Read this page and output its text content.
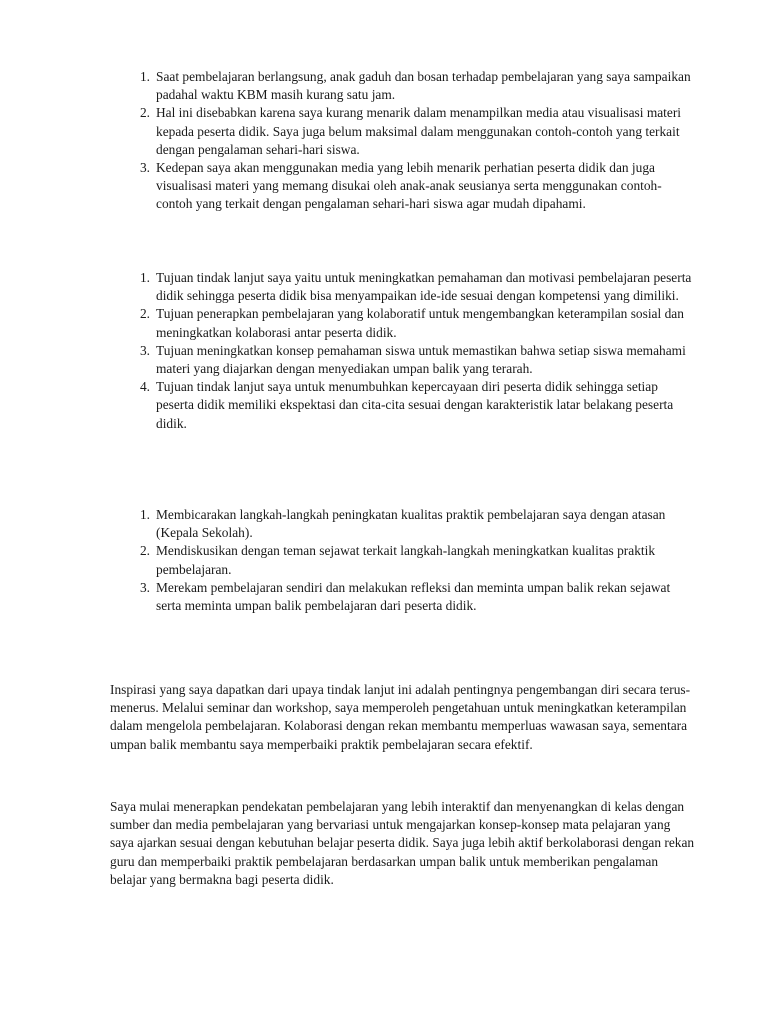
1. Saat pembelajaran berlangsung, anak gaduh dan bosan terhadap pembelajaran yang saya sampaikan padahal waktu KBM masih kurang satu jam.
2. Hal ini disebabkan karena saya kurang menarik dalam menampilkan media atau visualisasi materi kepada peserta didik. Saya juga belum maksimal dalam menggunakan contoh-contoh yang terkait dengan pengalaman sehari-hari siswa.
3. Kedepan saya akan menggunakan media yang lebih menarik perhatian peserta didik dan juga visualisasi materi yang memang disukai oleh anak-anak seusianya serta menggunakan contoh-contoh yang terkait dengan pengalaman sehari-hari siswa agar mudah dipahami.
1. Tujuan tindak lanjut saya yaitu untuk meningkatkan pemahaman dan motivasi pembelajaran peserta didik sehingga peserta didik bisa menyampaikan ide-ide sesuai dengan kompetensi yang dimiliki.
2. Tujuan penerapkan pembelajaran yang kolaboratif untuk mengembangkan keterampilan sosial dan meningkatkan kolaborasi antar peserta didik.
3. Tujuan meningkatkan konsep pemahaman siswa untuk memastikan bahwa setiap siswa memahami materi yang diajarkan dengan menyediakan umpan balik yang terarah.
4. Tujuan tindak lanjut saya untuk menumbuhkan kepercayaan diri peserta didik sehingga setiap peserta didik memiliki ekspektasi dan cita-cita sesuai dengan karakteristik latar belakang peserta didik.
1. Membicarakan langkah-langkah peningkatan kualitas praktik pembelajaran saya dengan atasan (Kepala Sekolah).
2. Mendiskusikan dengan teman sejawat terkait langkah-langkah meningkatkan kualitas praktik pembelajaran.
3. Merekam pembelajaran sendiri dan melakukan refleksi dan meminta umpan balik rekan sejawat serta meminta umpan balik pembelajaran dari peserta didik.

Inspirasi yang saya dapatkan dari upaya tindak lanjut ini adalah pentingnya pengembangan diri secara terus-menerus. Melalui seminar dan workshop, saya memperoleh pengetahuan untuk meningkatkan keterampilan dalam mengelola pembelajaran. Kolaborasi dengan rekan membantu memperluas wawasan saya, sementara umpan balik membantu saya memperbaiki praktik pembelajaran secara efektif.

Saya mulai menerapkan pendekatan pembelajaran yang lebih interaktif dan menyenangkan di kelas dengan sumber dan media pembelajaran yang bervariasi untuk mengajarkan konsep-konsep mata pelajaran yang saya ajarkan sesuai dengan kebutuhan belajar peserta didik. Saya juga lebih aktif berkolaborasi dengan rekan guru dan memperbaiki praktik pembelajaran berdasarkan umpan balik untuk memberikan pengalaman belajar yang bermakna bagi peserta didik.
